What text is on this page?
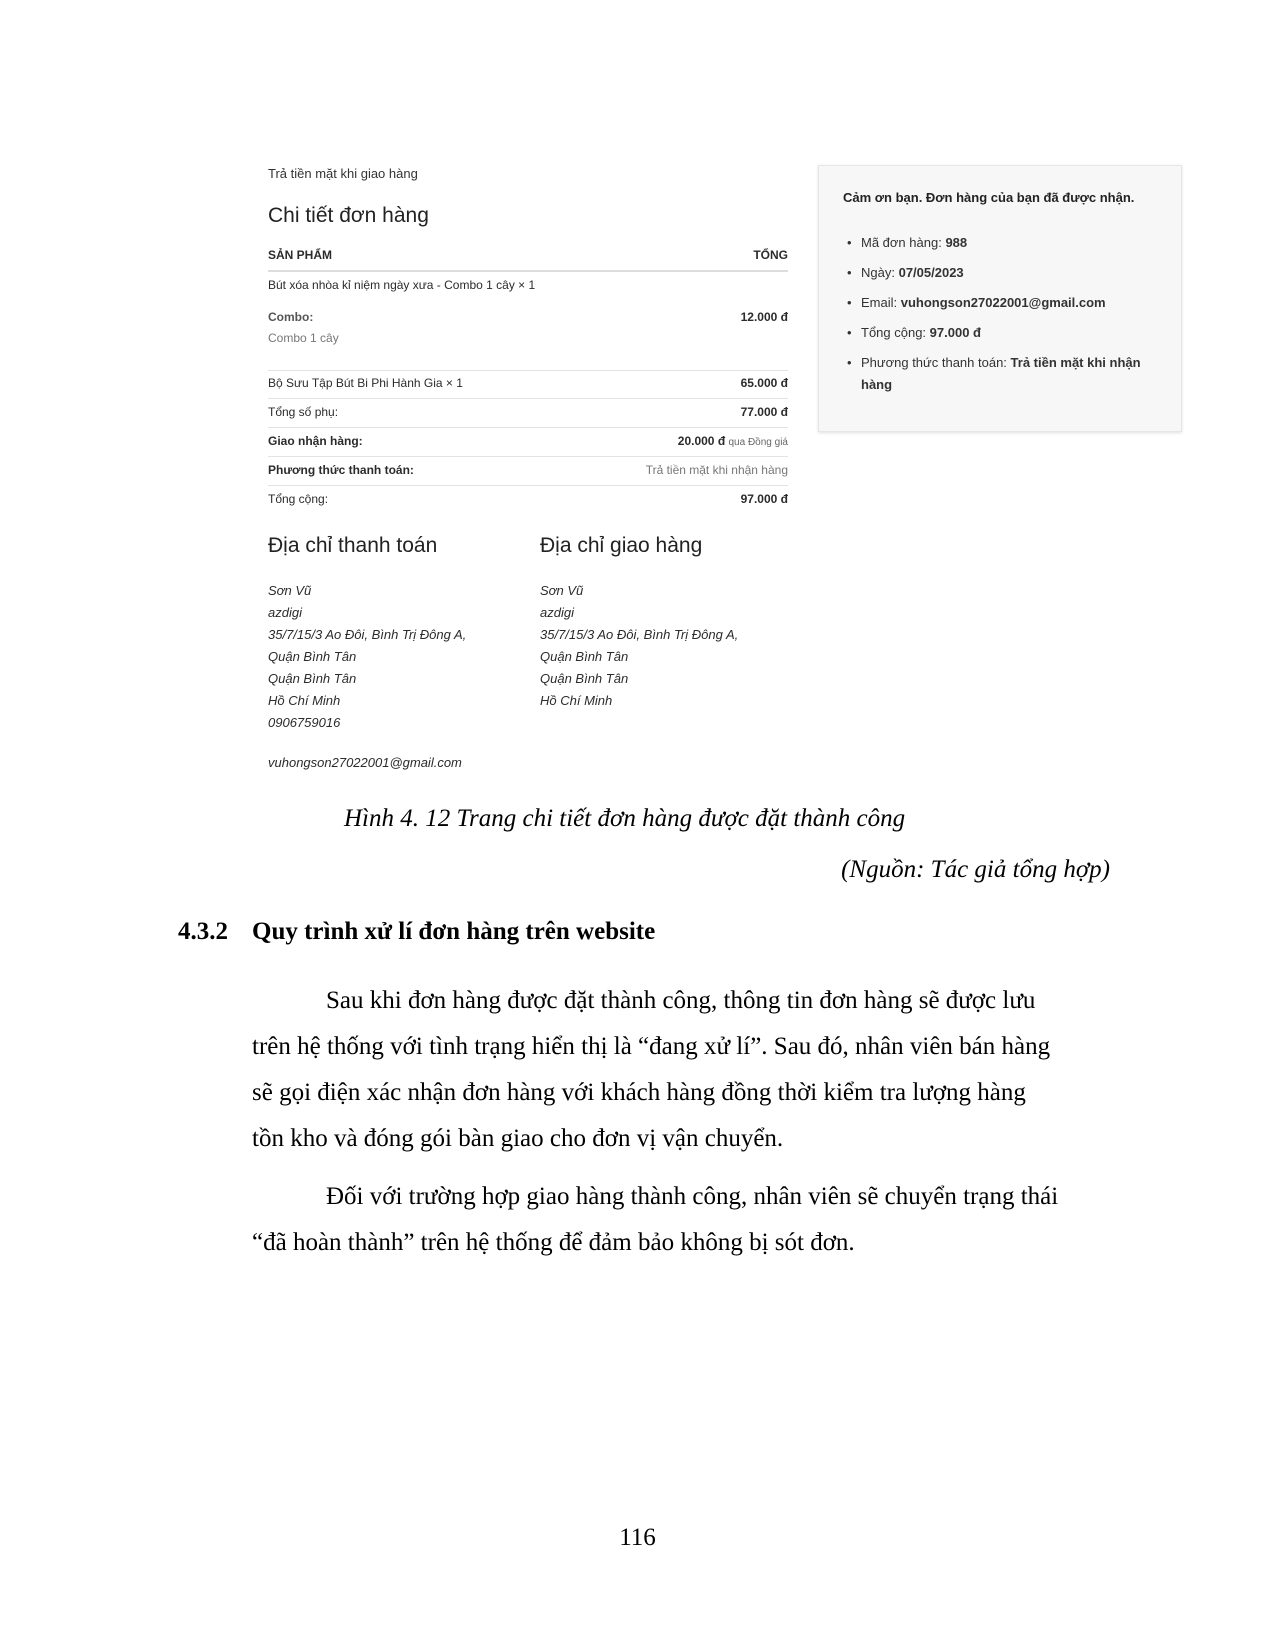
Trả tiền mặt khi giao hàng
Chi tiết đơn hàng
SẢN PHẨM	TỔNG
Bút xóa nhòa kỉ niệm ngày xưa - Combo 1 cây × 1
Combo:	12.000 đ
Combo 1 cây
Bộ Sưu Tập Bút Bi Phi Hành Gia × 1	65.000 đ
Tổng số phụ:	77.000 đ
Giao nhận hàng:	20.000 đ qua Đồng giá
Phương thức thanh toán:	Trả tiền mặt khi nhận hàng
Tổng cộng:	97.000 đ
Địa chỉ thanh toán
Sơn Vũ
azdigi
35/7/15/3 Ao Đôi, Bình Trị Đông A,
Quận Bình Tân
Quận Bình Tân
Hồ Chí Minh
0906759016
vuhongson27022001@gmail.com
Địa chỉ giao hàng
Sơn Vũ
azdigi
35/7/15/3 Ao Đôi, Bình Trị Đông A,
Quận Bình Tân
Quận Bình Tân
Hồ Chí Minh
Cảm ơn bạn. Đơn hàng của bạn đã được nhận.
• Mã đơn hàng: 988
• Ngày: 07/05/2023
• Email: vuhongson27022001@gmail.com
• Tổng cộng: 97.000 đ
• Phương thức thanh toán: Trả tiền mặt khi nhận hàng
Hình 4. 12 Trang chi tiết đơn hàng được đặt thành công
(Nguồn: Tác giả tổng hợp)
4.3.2 Quy trình xử lí đơn hàng trên website
Sau khi đơn hàng được đặt thành công, thông tin đơn hàng sẽ được lưu
trên hệ thống với tình trạng hiển thị là “đang xử lí”. Sau đó, nhân viên bán hàng
sẽ gọi điện xác nhận đơn hàng với khách hàng đồng thời kiểm tra lượng hàng
tồn kho và đóng gói bàn giao cho đơn vị vận chuyển.
Đối với trường hợp giao hàng thành công, nhân viên sẽ chuyển trạng thái
“đã hoàn thành” trên hệ thống để đảm bảo không bị sót đơn.
116
